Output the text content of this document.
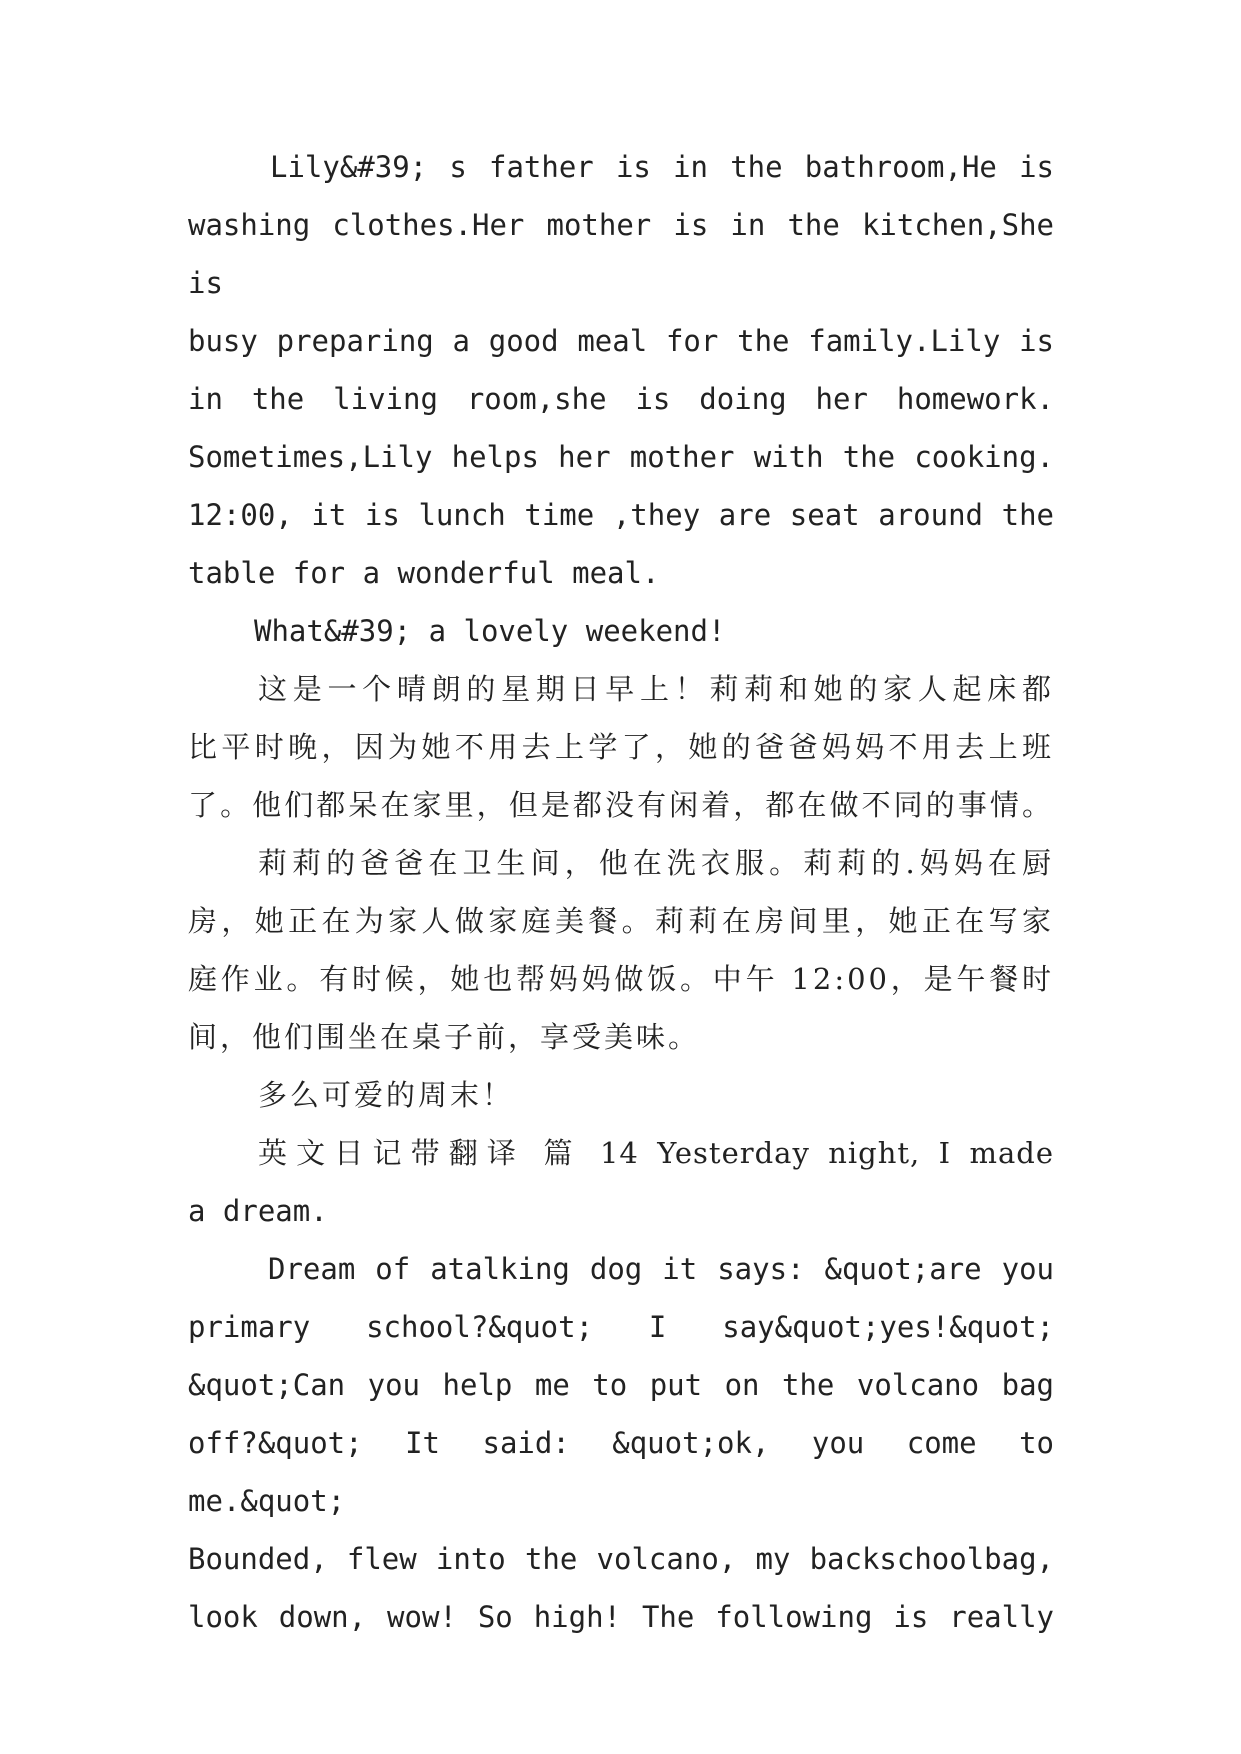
Lily&#39; s father is in the bathroom,He is
washing clothes.Her mother is in the kitchen,She is
busy preparing a good meal for the family.Lily is
in the living room,she is doing her homework.
Sometimes,Lily helps her mother with the cooking.
12:00, it is lunch time ,they are seat around the
table for a wonderful meal.
What&#39; a lovely weekend!
这是一个晴朗的星期日早上！莉莉和她的家人起床都
比平时晚，因为她不用去上学了，她的爸爸妈妈不用去上班
了。他们都呆在家里，但是都没有闲着，都在做不同的事情。
莉莉的爸爸在卫生间，他在洗衣服。莉莉的.妈妈在厨
房，她正在为家人做家庭美餐。莉莉在房间里，她正在写家
庭作业。有时候，她也帮妈妈做饭。中午 12:00，是午餐时
间，他们围坐在桌子前，享受美味。
多么可爱的周末！
英文日记带翻译 篇 14 Yesterday night, I made
a dream.
Dream of atalking dog it says: &quot;are you
primary school?&quot; I say&quot;yes!&quot;
&quot;Can you help me to put on the volcano bag
off?&quot; It said: &quot;ok, you come to me.&quot;
Bounded, flew into the volcano, my backschoolbag,
look down, wow! So high! The following is really
